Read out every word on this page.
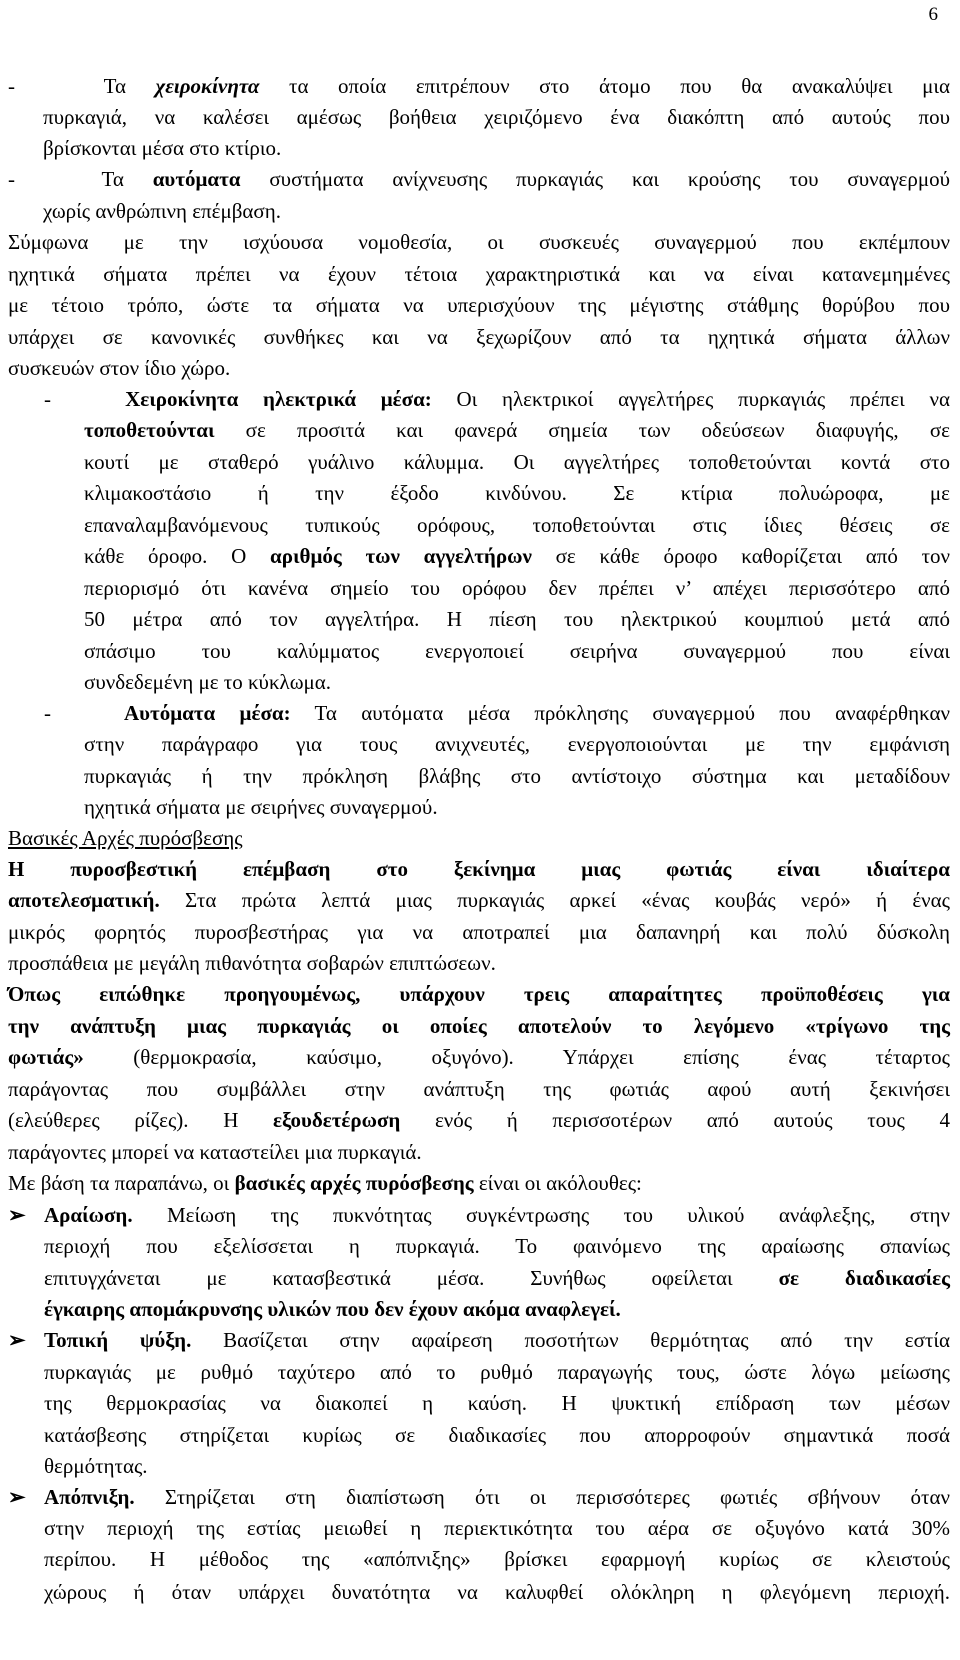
6
-   Τα χειροκίνητα τα οποία επιτρέπουν στο άτομο που θα ανακαλύψει μια
πυρκαγιά, να καλέσει αμέσως βοήθεια χειριζόμενο ένα διακόπτη από αυτούς που
βρίσκονται μέσα στο κτίριο.
-   Τα αυτόματα συστήματα ανίχνευσης πυρκαγιάς και κρούσης του συναγερμού
χωρίς ανθρώπινη επέμβαση.
Σύμφωνα με την ισχύουσα νομοθεσία, οι συσκευές συναγερμού που εκπέμπουν
ηχητικά σήματα πρέπει να έχουν τέτοια χαρακτηριστικά και να είναι κατανεμημένες
με τέτοιο τρόπο, ώστε τα σήματα να υπερισχύουν της μέγιστης στάθμης θορύβου που
υπάρχει σε κανονικές συνθήκες και να ξεχωρίζουν από τα ηχητικά σήματα άλλων
συσκευών στον ίδιο χώρο.
-   Χειροκίνητα ηλεκτρικά μέσα: Οι ηλεκτρικοί αγγελτήρες πυρκαγιάς πρέπει να
τοποθετούνται σε προσιτά και φανερά σημεία των οδεύσεων διαφυγής, σε
κουτί με σταθερό γυάλινο κάλυμμα. Οι αγγελτήρες τοποθετούνται κοντά στο
κλιμακοστάσιο ή την έξοδο κινδύνου. Σε κτίρια πολυώροφα, με
επαναλαμβανόμενους τυπικούς ορόφους, τοποθετούνται στις ίδιες θέσεις σε
κάθε όροφο. Ο αριθμός των αγγελτήρων σε κάθε όροφο καθορίζεται από τον
περιορισμό ότι κανένα σημείο του ορόφου δεν πρέπει ν’ απέχει περισσότερο από
50 μέτρα από τον αγγελτήρα. Η πίεση του ηλεκτρικού κουμπιού μετά από
σπάσιμο του καλύμματος ενεργοποιεί σειρήνα συναγερμού που είναι
συνδεδεμένη με το κύκλωμα.
-   Αυτόματα μέσα: Τα αυτόματα μέσα πρόκλησης συναγερμού που αναφέρθηκαν
στην παράγραφο για τους ανιχνευτές, ενεργοποιούνται με την εμφάνιση
πυρκαγιάς ή την πρόκληση βλάβης στο αντίστοιχο σύστημα και μεταδίδουν
ηχητικά σήματα με σειρήνες συναγερμού.
Βασικές Αρχές πυρόσβεσης
Η πυροσβεστική επέμβαση στο ξεκίνημα μιας φωτιάς είναι ιδιαίτερα
αποτελεσματική. Στα πρώτα λεπτά μιας πυρκαγιάς αρκεί «ένας κουβάς νερό» ή ένας
μικρός φορητός πυροσβεστήρας για να αποτραπεί μια δαπανηρή και πολύ δύσκολη
προσπάθεια με μεγάλη πιθανότητα σοβαρών επιπτώσεων.
Όπως ειπώθηκε προηγουμένως, υπάρχουν τρεις απαραίτητες προϋποθέσεις για
την ανάπτυξη μιας πυρκαγιάς οι οποίες αποτελούν το λεγόμενο «τρίγωνο της
φωτιάς» (θερμοκρασία, καύσιμο, οξυγόνο). Υπάρχει επίσης ένας τέταρτος
παράγοντας που συμβάλλει στην ανάπτυξη της φωτιάς αφού αυτή ξεκινήσει
(ελεύθερες ρίζες). Η εξουδετέρωση ενός ή περισσοτέρων από αυτούς τους 4
παράγοντες μπορεί να καταστείλει μια πυρκαγιά.
Με βάση τα παραπάνω, οι βασικές αρχές πυρόσβεσης είναι οι ακόλουθες:
➢ Αραίωση. Μείωση της πυκνότητας συγκέντρωσης του υλικού ανάφλεξης, στην
περιοχή που εξελίσσεται η πυρκαγιά. Το φαινόμενο της αραίωσης σπανίως
επιτυγχάνεται με κατασβεστικά μέσα. Συνήθως οφείλεται σε διαδικασίες
έγκαιρης απομάκρυνσης υλικών που δεν έχουν ακόμα αναφλεγεί.
➢ Τοπική ψύξη. Βασίζεται στην αφαίρεση ποσοτήτων θερμότητας από την εστία
πυρκαγιάς με ρυθμό ταχύτερο από το ρυθμό παραγωγής τους, ώστε λόγω μείωσης
της θερμοκρασίας να διακοπεί η καύση. Η ψυκτική επίδραση των μέσων
κατάσβεσης στηρίζεται κυρίως σε διαδικασίες που απορροφούν σημαντικά ποσά
θερμότητας.
➢ Απόπνιξη. Στηρίζεται στη διαπίστωση ότι οι περισσότερες φωτιές σβήνουν όταν
στην περιοχή της εστίας μειωθεί η περιεκτικότητα του αέρα σε οξυγόνο κατά 30%
περίπου. Η μέθοδος της «απόπνιξης» βρίσκει εφαρμογή κυρίως σε κλειστούς
χώρους ή όταν υπάρχει δυνατότητα να καλυφθεί ολόκληρη η φλεγόμενη περιοχή.
